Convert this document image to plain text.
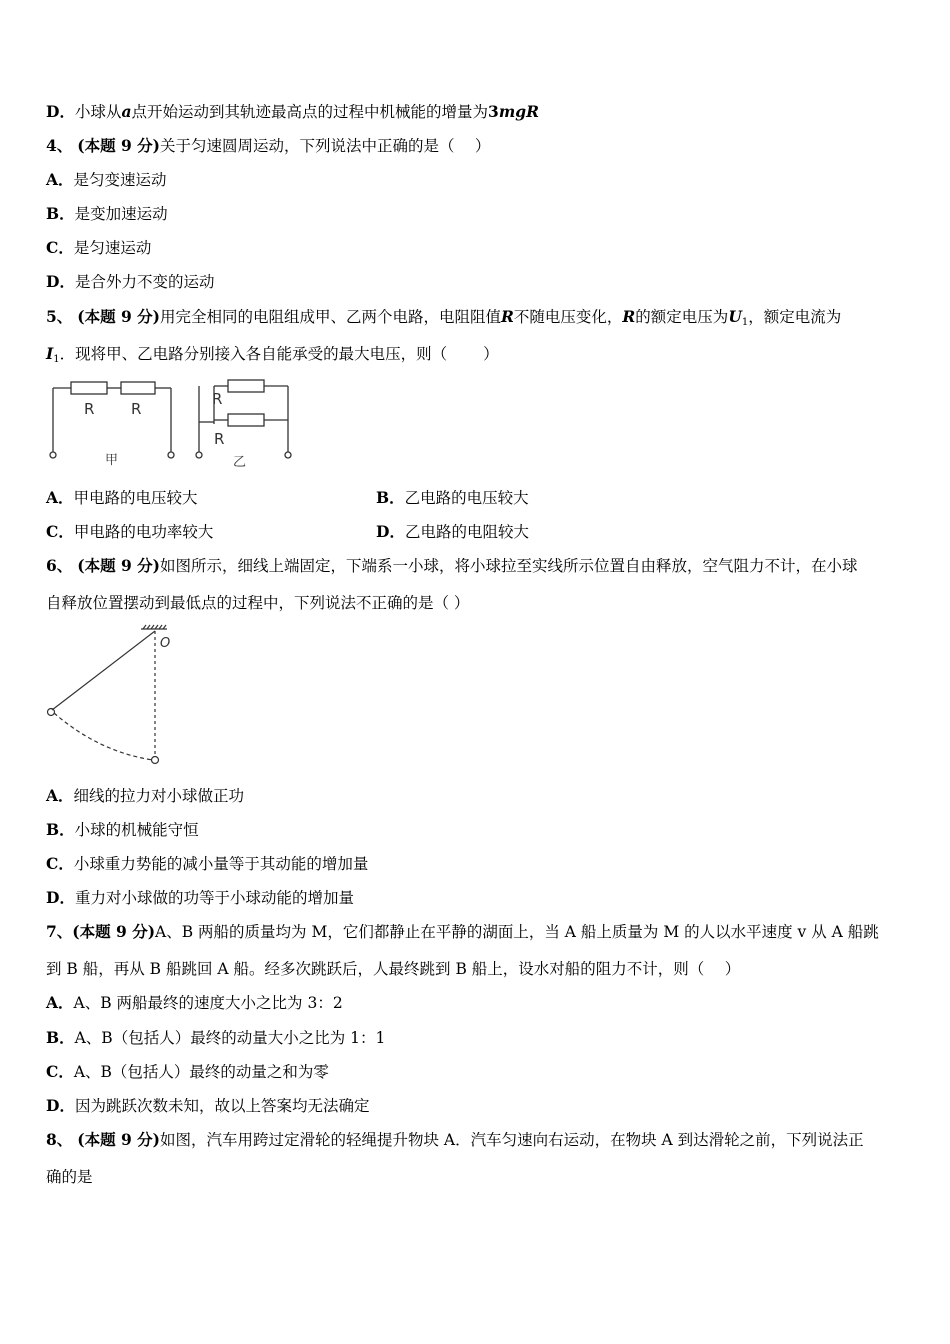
D．小球从a点开始运动到其轨迹最高点的过程中机械能的增量为3mgR
4、 (本题 9 分)关于匀速圆周运动，下列说法中正确的是（　 ）
A．是匀变速运动
B．是变加速运动
C．是匀速运动
D．是合外力不变的运动
5、 (本题 9 分)用完全相同的电阻组成甲、乙两个电路，电阻阻值R不随电压变化，R的额定电压为$U_1$，额定电流为
$I_1$．现将甲、乙电路分别接入各自能承受的最大电压，则（　　 ）
R R
R
R
甲	乙
A．甲电路的电压较大	B．乙电路的电压较大
C．甲电路的电功率较大	D．乙电路的电阻较大
6、 (本题 9 分)如图所示，细线上端固定，下端系一小球，将小球拉至实线所示位置自由释放，空气阻力不计，在小球
自释放位置摆动到最低点的过程中，下列说法不正确的是（ ）
O
A．细线的拉力对小球做正功
B．小球的机械能守恒
C．小球重力势能的减小量等于其动能的增加量
D．重力对小球做的功等于小球动能的增加量
7、(本题 9 分)A、B 两船的质量均为 M，它们都静止在平静的湖面上，当 A 船上质量为 M 的人以水平速度 v 从 A 船跳
到 B 船，再从 B 船跳回 A 船。经多次跳跃后，人最终跳到 B 船上，设水对船的阻力不计，则（　 ）
A．A、B 两船最终的速度大小之比为 3：2
B．A、B（包括人）最终的动量大小之比为 1：1
C．A、B（包括人）最终的动量之和为零
D．因为跳跃次数未知，故以上答案均无法确定
8、 (本题 9 分)如图，汽车用跨过定滑轮的轻绳提升物块 A．汽车匀速向右运动，在物块 A 到达滑轮之前，下列说法正
确的是
